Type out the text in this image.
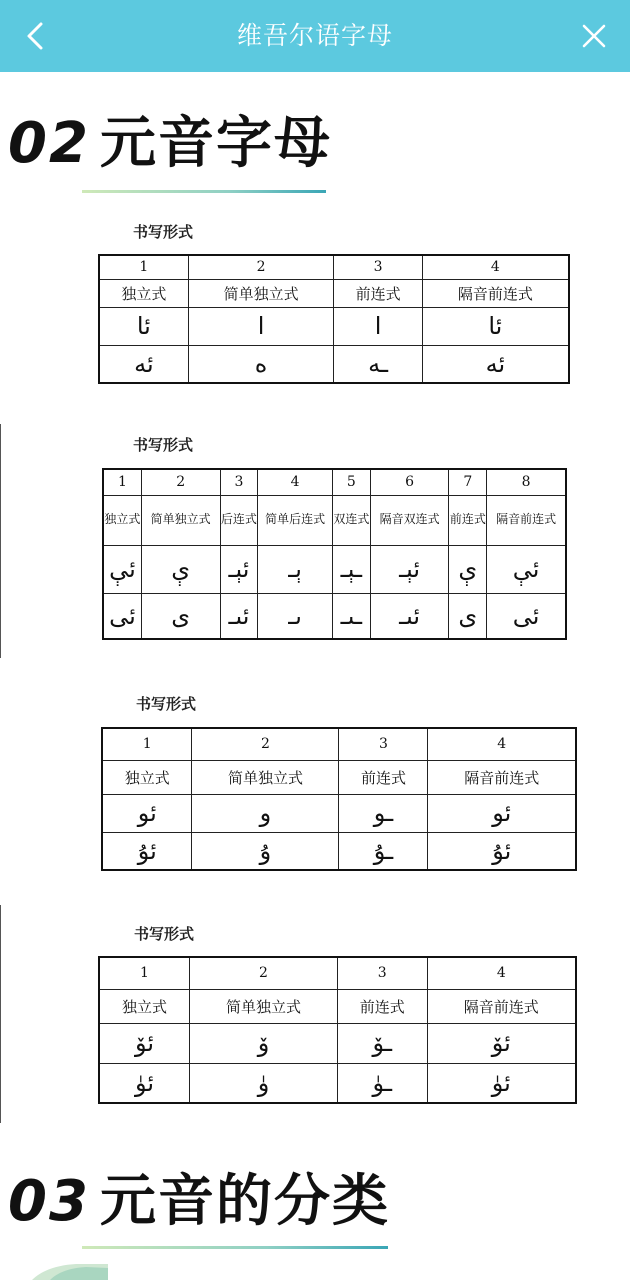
维吾尔语字母
02 元音字母
书写形式
1	2	3	4
独立式	简单独立式	前连式	隔音前连式
ئا	ا	ا	ئا
ئە	ە	ـە	ئە
书写形式
1	2	3	4	5	6	7	8
独立式	简单独立式	后连式	简单后连式	双连式	隔音双连式	前连式	隔音前连式
ئې	ې	ئېـ	ېـ	ـېـ	ئېـ	ې	ئې
ئى	ى	ئىـ	ىـ	ـىـ	ئىـ	ى	ئى
书写形式
1	2	3	4
独立式	简单独立式	前连式	隔音前连式
ئو	و	ـو	ئو
ئۇ	ۇ	ـۇ	ئۇ
书写形式
1	2	3	4
独立式	简单独立式	前连式	隔音前连式
ئۆ	ۆ	ـۆ	ئۆ
ئۈ	ۈ	ـۈ	ئۈ
03 元音的分类
